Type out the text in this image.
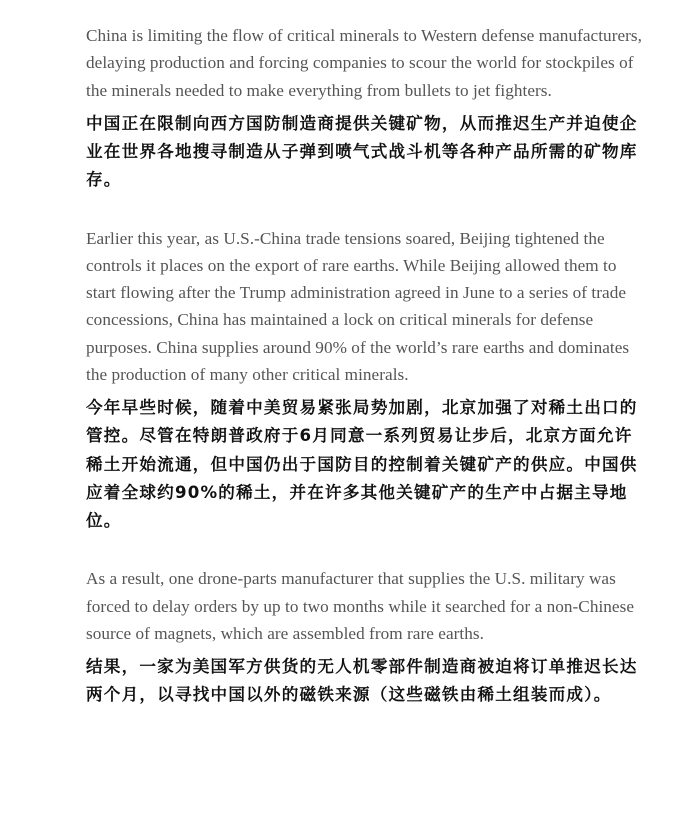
China is limiting the flow of critical minerals to Western defense manufacturers, delaying production and forcing companies to scour the world for stockpiles of the minerals needed to make everything from bullets to jet fighters.

中国正在限制向西方国防制造商提供关键矿物，从而推迟生产并迫使企业在世界各地搜寻制造从子弹到喷气式战斗机等各种产品所需的矿物库存。

Earlier this year, as U.S.-China trade tensions soared, Beijing tightened the controls it places on the export of rare earths. While Beijing allowed them to start flowing after the Trump administration agreed in June to a series of trade concessions, China has maintained a lock on critical minerals for defense purposes. China supplies around 90% of the world’s rare earths and dominates the production of many other critical minerals.

今年早些时候，随着中美贸易紧张局势加剧，北京加强了对稀土出口的管控。尽管在特朗普政府于6月同意一系列贸易让步后，北京方面允许稀土开始流通，但中国仍出于国防目的控制着关键矿产的供应。中国供应着全球约90%的稀土，并在许多其他关键矿产的生产中占据主导地位。

As a result, one drone-parts manufacturer that supplies the U.S. military was forced to delay orders by up to two months while it searched for a non-Chinese source of magnets, which are assembled from rare earths.

结果，一家为美国军方供货的无人机零部件制造商被迫将订单推迟长达两个月，以寻找中国以外的磁铁来源（这些磁铁由稀土组装而成）。
